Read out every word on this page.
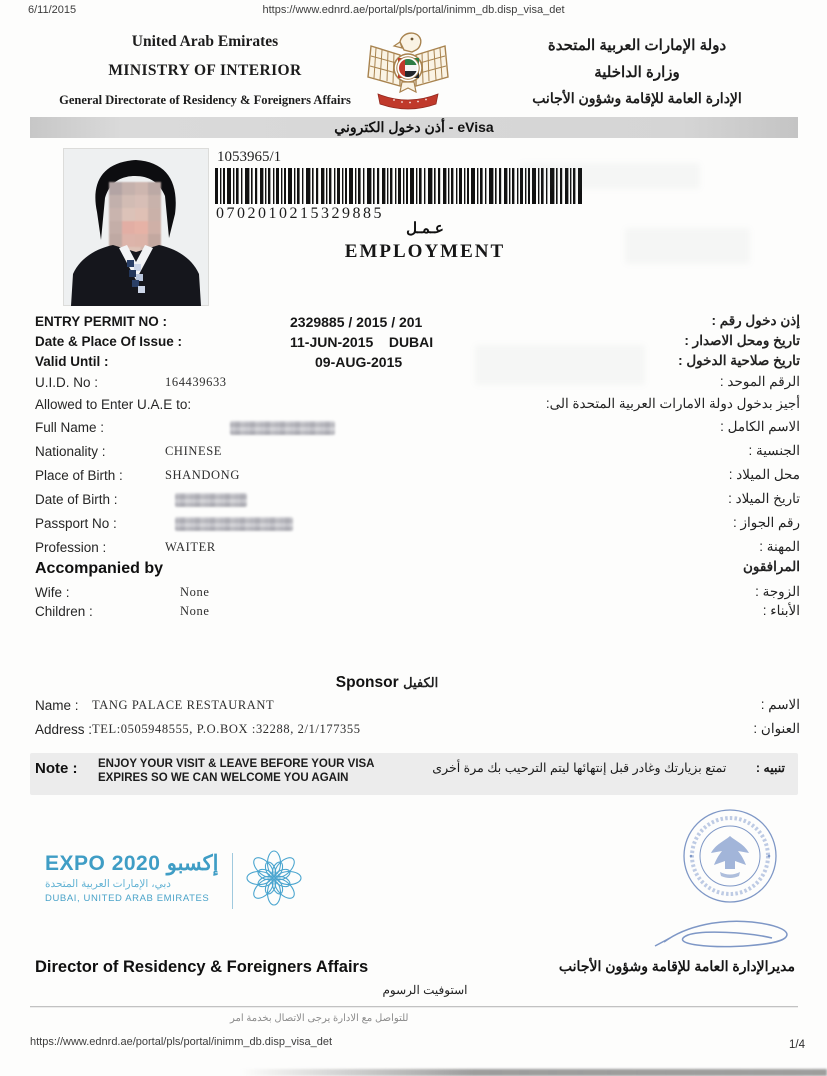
6/11/2015	https://www.ednrd.ae/portal/pls/portal/inimm_db.disp_visa_det
United Arab Emirates
MINISTRY OF INTERIOR
General Directorate of Residency & Foreigners Affairs
دولة الإمارات العربية المتحدة
وزارة الداخلية
الإدارة العامة للإقامة وشؤون الأجانب
أذن دخول الكتروني - eVisa
1053965/1
0702010215329885
عـمـل
EMPLOYMENT
ENTRY PERMIT NO :	2329885 / 2015 / 201	إذن دخول رقم :
Date & Place Of Issue :	11-JUN-2015    DUBAI	تاريخ ومحل الاصدار :
Valid Until :	09-AUG-2015	تاريخ صلاحية الدخول :
U.I.D. No :	164439633	الرقم الموحد :
Allowed to Enter U.A.E to:	أجيز بدخول دولة الامارات العربية المتحدة الى:
Full Name :	الاسم الكامل :
Nationality :	CHINESE	الجنسية :
Place of Birth :	SHANDONG	محل الميلاد :
Date of Birth :	تاريخ الميلاد :
Passport No :	رقم الجواز :
Profession :	WAITER	المهنة :
Accompanied by	المرافقون
Wife :	None	الزوجة :
Children :	None	الأبناء :
Sponsor الكفيل
Name : TANG PALACE RESTAURANT	الاسم :
Address : TEL:0505948555, P.O.BOX :32288, 2/1/177355	العنوان :
Note : ENJOY YOUR VISIT & LEAVE BEFORE YOUR VISA
EXPIRES SO WE CAN WELCOME YOU AGAIN
تنبيه : تمتع بزيارتك وغادر قبل إنتهائها ليتم الترحيب بك مرة أخرى
EXPO 2020 إكسبو
دبي، الإمارات العربية المتحدة
DUBAI, UNITED ARAB EMIRATES
Director of Residency & Foreigners Affairs	مديرالإدارة العامة للإقامة وشؤون الأجانب
استوفيت الرسوم
للتواصل مع الادارة يرجى الاتصال بخدمة امر
https://www.ednrd.ae/portal/pls/portal/inimm_db.disp_visa_det	1/4
